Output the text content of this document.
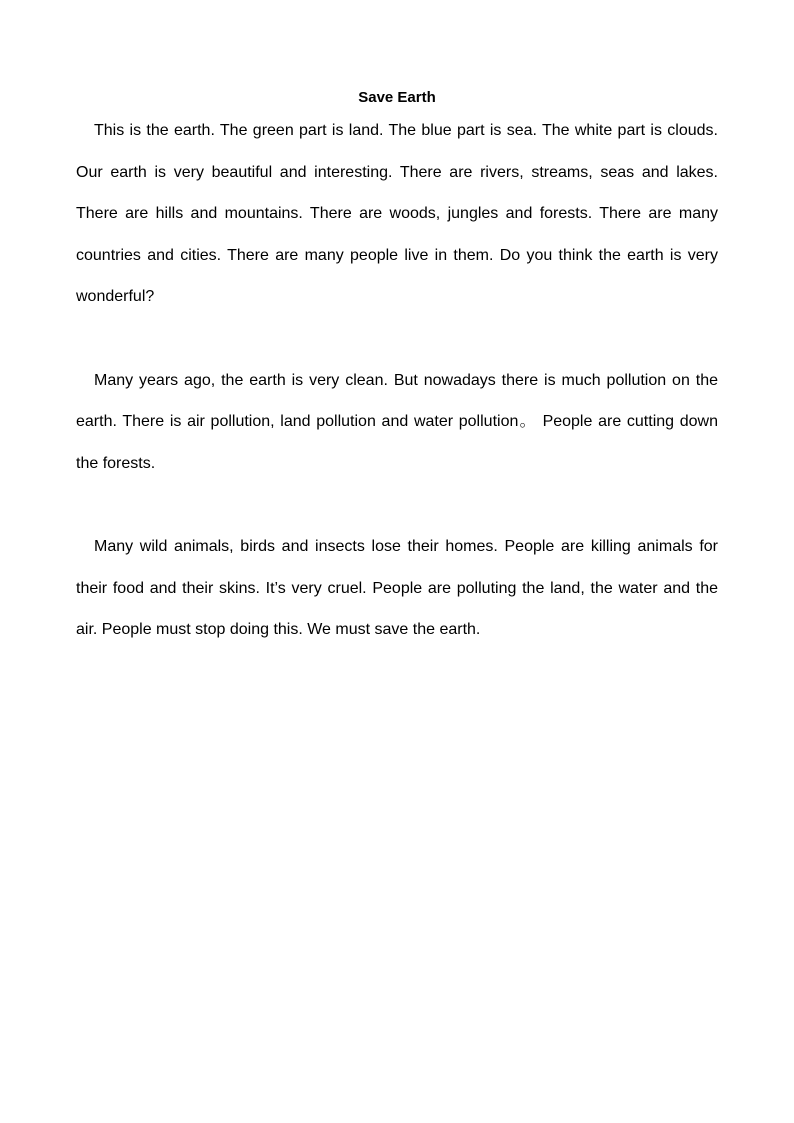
Save Earth

This is the earth. The green part is land. The blue part is sea. The white part is clouds. Our earth is very beautiful and interesting. There are rivers, streams, seas and lakes. There are hills and mountains. There are woods, jungles and forests. There are many countries and cities. There are many people live in them. Do you think the earth is very wonderful?

Many years ago, the earth is very clean. But nowadays there is much pollution on the earth. There is air pollution, land pollution and water pollution。 People are cutting down the forests.

Many wild animals, birds and insects lose their homes. People are killing animals for their food and their skins. It’s very cruel. People are polluting the land, the water and the air. People must stop doing this. We must save the earth.
